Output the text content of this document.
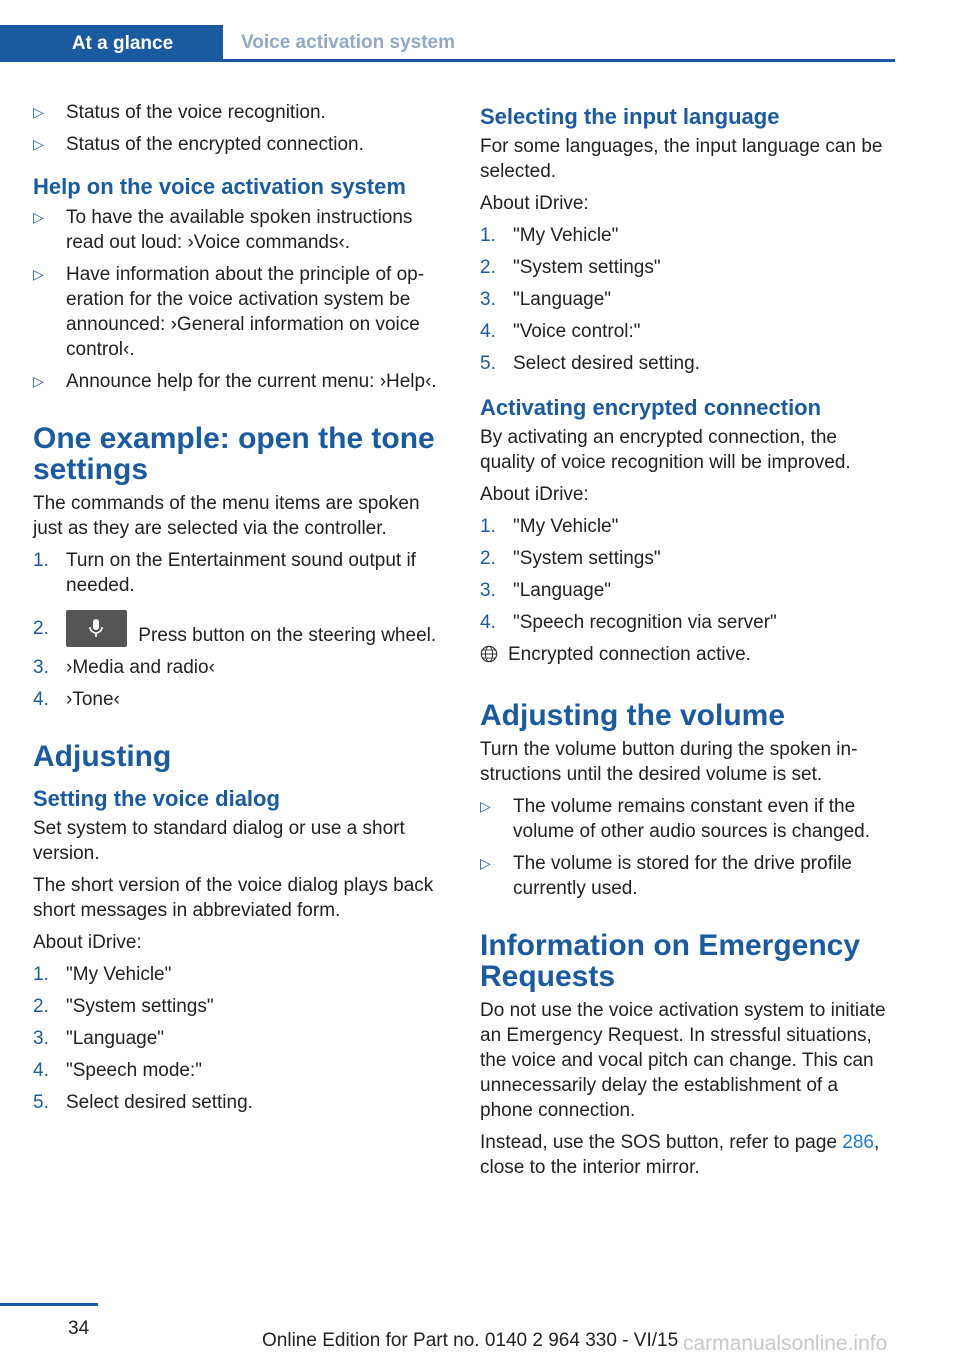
At a glance	Voice activation system
▷ Status of the voice recognition.
▷ Status of the encrypted connection.
Help on the voice activation system
▷ To have the available spoken instructions read out loud: ›Voice commands‹.
▷ Have information about the principle of operation for the voice activation system be announced: ›General information on voice control‹.
▷ Announce help for the current menu: ›Help‹.
One example: open the tone settings

The commands of the menu items are spoken just as they are selected via the controller.

1. Turn on the Entertainment sound output if needed.
2.	Press button on the steering wheel.
3. ›Media and radio‹
4. ›Tone‹
Adjusting
Setting the voice dialog

Set system to standard dialog or use a short version.

The short version of the voice dialog plays back short messages in abbreviated form.

About iDrive:

1. "My Vehicle"
2. "System settings"
3. "Language"
4. "Speech mode:"
5. Select desired setting.
Selecting the input language

For some languages, the input language can be selected.

About iDrive:

1. "My Vehicle"
2. "System settings"
3. "Language"
4. "Voice control:"
5. Select desired setting.
Activating encrypted connection

By activating an encrypted connection, the quality of voice recognition will be improved.

About iDrive:

1. "My Vehicle"
2. "System settings"
3. "Language"
4. "Speech recognition via server"

Encrypted connection active.

Adjusting the volume

Turn the volume button during the spoken instructions until the desired volume is set.

▷ The volume remains constant even if the volume of other audio sources is changed.
▷ The volume is stored for the drive profile currently used.
Information on Emergency Requests

Do not use the voice activation system to initiate an Emergency Request. In stressful situations, the voice and vocal pitch can change. This can unnecessarily delay the establishment of a phone connection.

Instead, use the SOS button, refer to page 286, close to the interior mirror.

34
Online Edition for Part no. 0140 2 964 330 - VI/15 carmanualsonline.info
